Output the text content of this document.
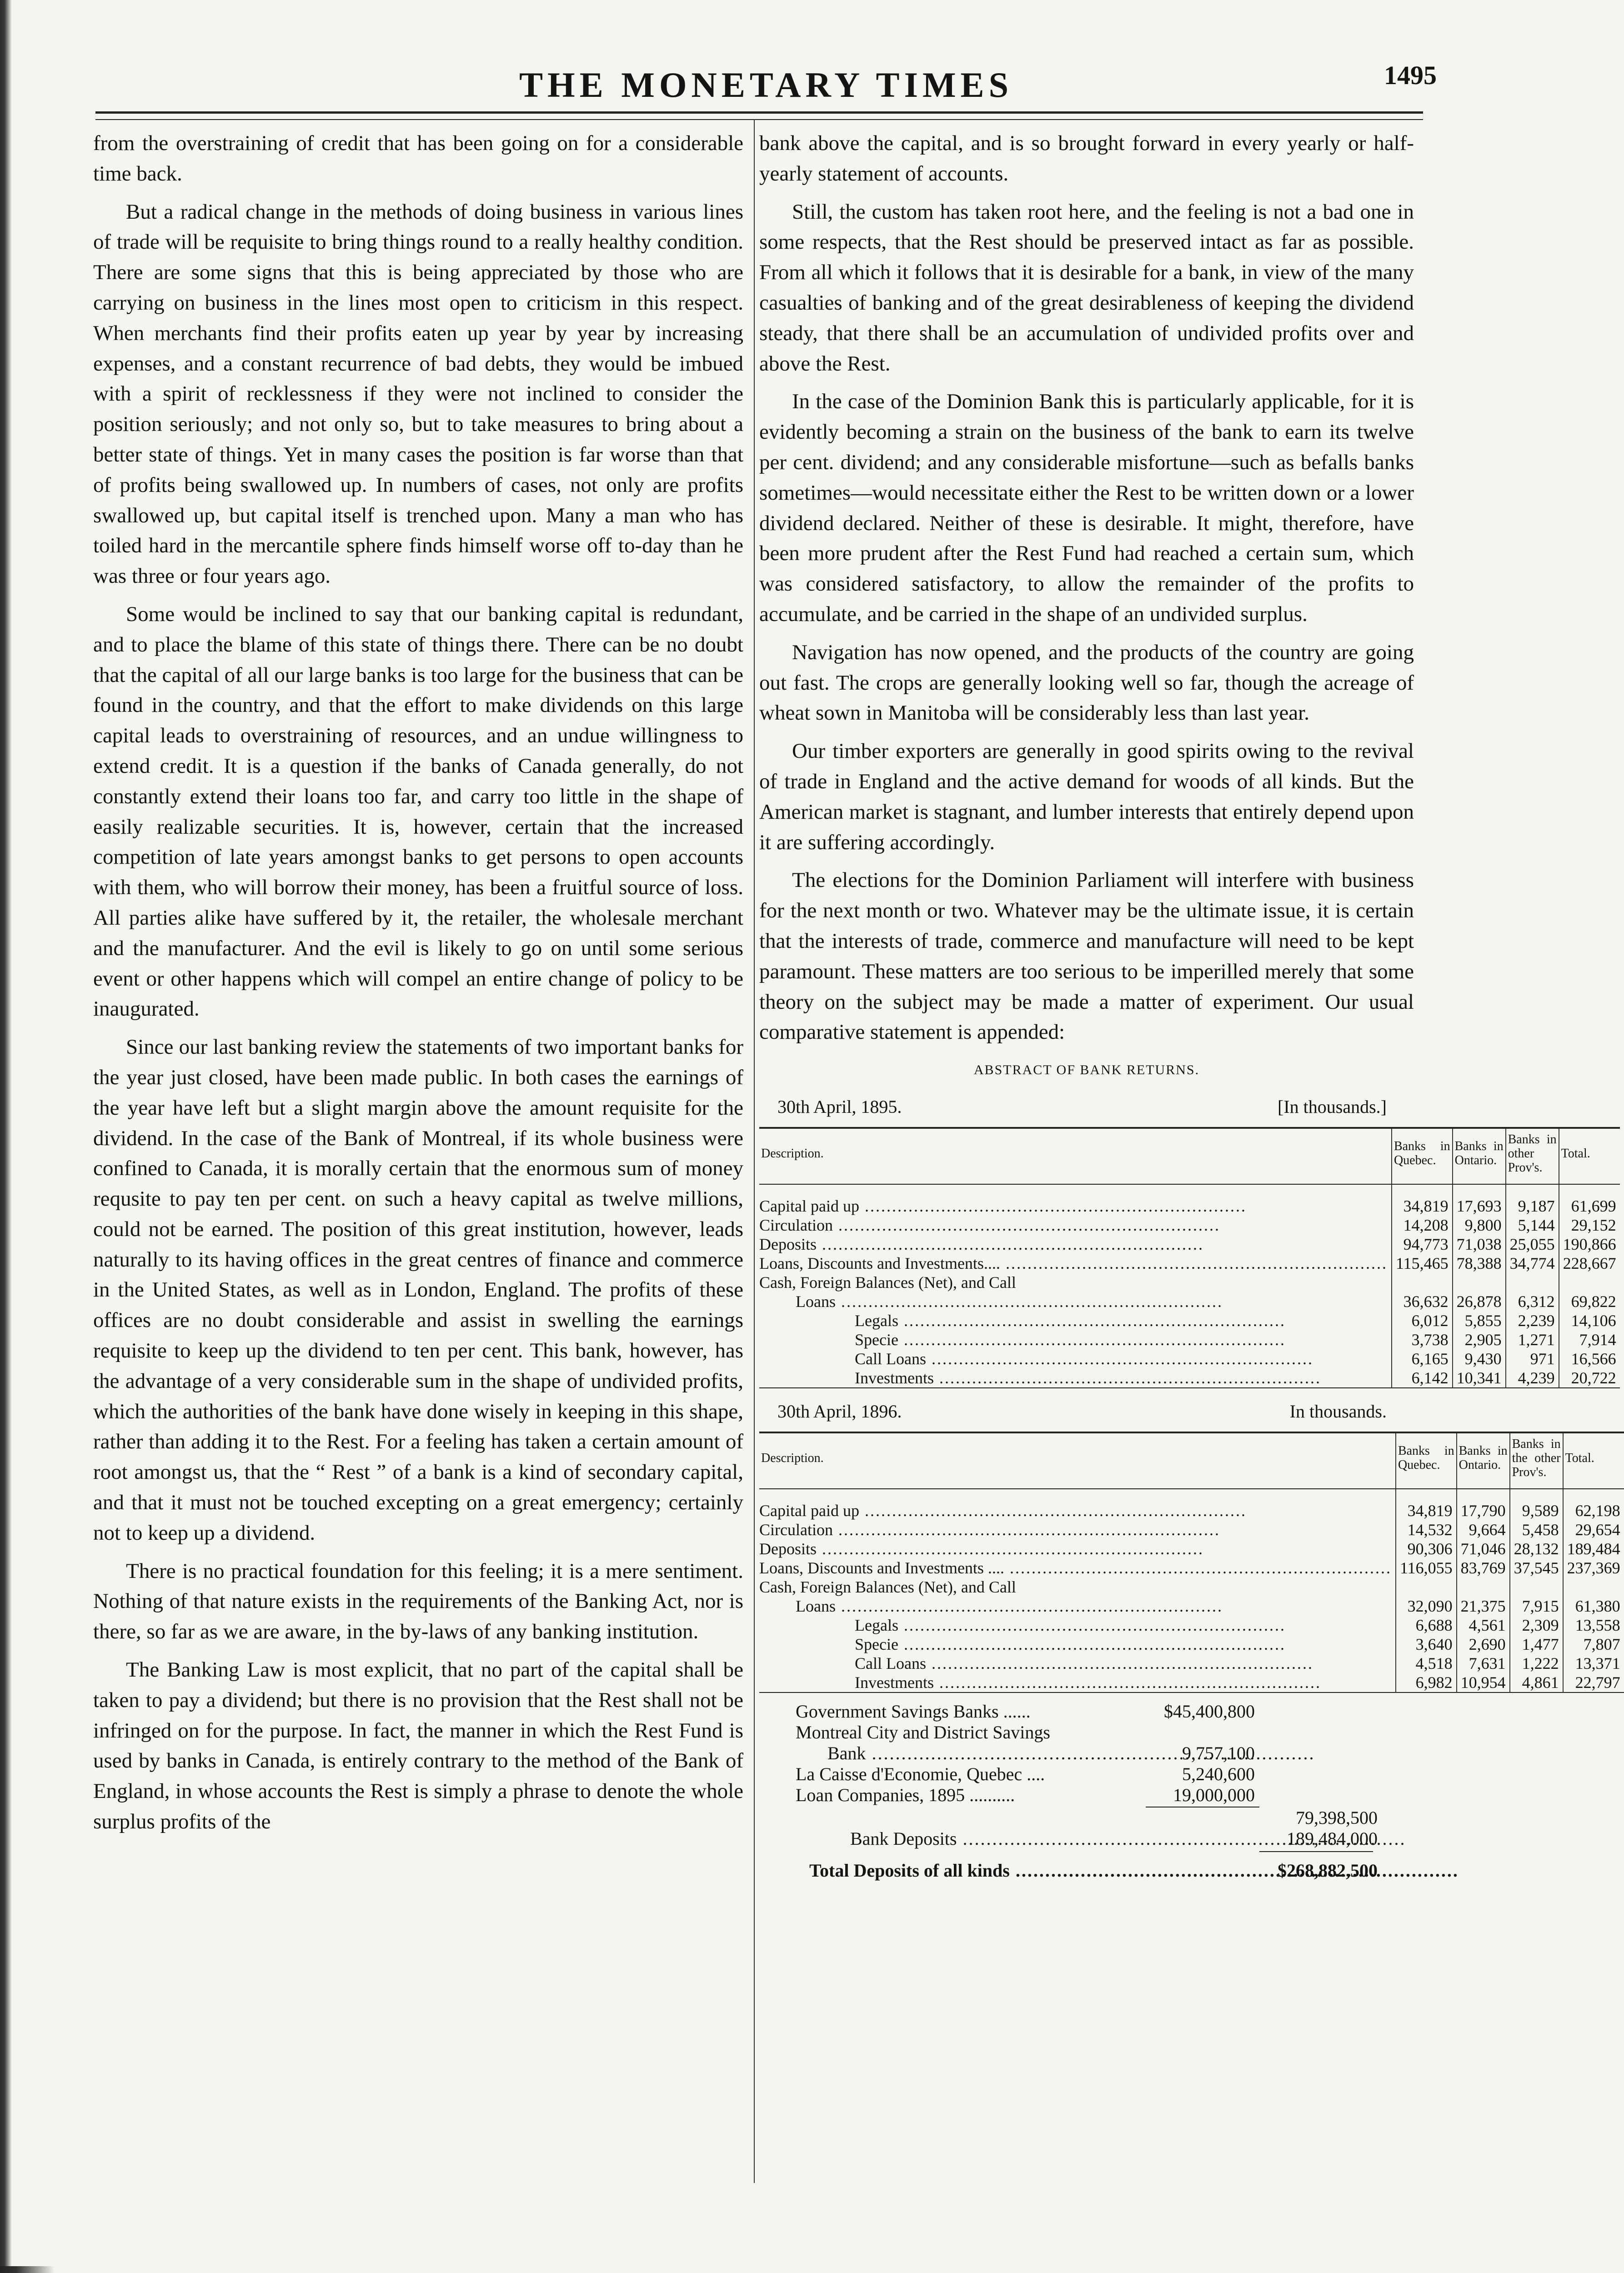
THE MONETARY TIMES	1495

from the overstraining of credit that has been going on for a considerable time back.

But a radical change in the methods of doing business in various lines of trade will be requisite to bring things round to a really healthy condition. There are some signs that this is being appreciated by those who are carrying on business in the lines most open to criticism in this respect. When merchants find their profits eaten up year by year by increasing expenses, and a constant recurrence of bad debts, they would be imbued with a spirit of recklessness if they were not inclined to consider the position seriously; and not only so, but to take measures to bring about a better state of things. Yet in many cases the position is far worse than that of profits being swallowed up. In numbers of cases, not only are profits swallowed up, but capital itself is trenched upon. Many a man who has toiled hard in the mercantile sphere finds himself worse off to-day than he was three or four years ago.

Some would be inclined to say that our banking capital is redundant, and to place the blame of this state of things there. There can be no doubt that the capital of all our large banks is too large for the business that can be found in the country, and that the effort to make dividends on this large capital leads to overstraining of resources, and an undue willingness to extend credit. It is a question if the banks of Canada generally, do not constantly extend their loans too far, and carry too little in the shape of easily realizable securities. It is, however, certain that the increased competition of late years amongst banks to get persons to open accounts with them, who will borrow their money, has been a fruitful source of loss. All parties alike have suffered by it, the retailer, the wholesale merchant and the manufacturer. And the evil is likely to go on until some serious event or other happens which will compel an entire change of policy to be inaugurated.

Since our last banking review the statements of two important banks for the year just closed, have been made public. In both cases the earnings of the year have left but a slight margin above the amount requisite for the dividend. In the case of the Bank of Montreal, if its whole business were confined to Canada, it is morally certain that the enormous sum of money requsite to pay ten per cent. on such a heavy capital as twelve millions, could not be earned. The position of this great institution, however, leads naturally to its having offices in the great centres of finance and commerce in the United States, as well as in London, England. The profits of these offices are no doubt considerable and assist in swelling the earnings requisite to keep up the dividend to ten per cent. This bank, however, has the advantage of a very considerable sum in the shape of undivided profits, which the authorities of the bank have done wisely in keeping in this shape, rather than adding it to the Rest. For a feeling has taken a certain amount of root amongst us, that the “ Rest ” of a bank is a kind of secondary capital, and that it must not be touched excepting on a great emergency; certainly not to keep up a dividend.

There is no practical foundation for this feeling; it is a mere sentiment. Nothing of that nature exists in the requirements of the Banking Act, nor is there, so far as we are aware, in the by-laws of any banking institution.

The Banking Law is most explicit, that no part of the capital shall be taken to pay a dividend; but there is no provision that the Rest shall not be infringed on for the purpose. In fact, the manner in which the Rest Fund is used by banks in Canada, is entirely contrary to the method of the Bank of England, in whose accounts the Rest is simply a phrase to denote the whole surplus profits of the

bank above the capital, and is so brought forward in every yearly or half-yearly statement of accounts.

Still, the custom has taken root here, and the feeling is not a bad one in some respects, that the Rest should be preserved intact as far as possible. From all which it follows that it is desirable for a bank, in view of the many casualties of banking and of the great desirableness of keeping the dividend steady, that there shall be an accumulation of undivided profits over and above the Rest.

In the case of the Dominion Bank this is particularly applicable, for it is evidently becoming a strain on the business of the bank to earn its twelve per cent. dividend; and any considerable misfortune—such as befalls banks sometimes—would necessitate either the Rest to be written down or a lower dividend declared. Neither of these is desirable. It might, therefore, have been more prudent after the Rest Fund had reached a certain sum, which was considered satisfactory, to allow the remainder of the profits to accumulate, and be carried in the shape of an undivided surplus.

Navigation has now opened, and the products of the country are going out fast. The crops are generally looking well so far, though the acreage of wheat sown in Manitoba will be considerably less than last year.

Our timber exporters are generally in good spirits owing to the revival of trade in England and the active demand for woods of all kinds. But the American market is stagnant, and lumber interests that entirely depend upon it are suffering accordingly.

The elections for the Dominion Parliament will interfere with business for the next month or two. Whatever may be the ultimate issue, it is certain that the interests of trade, commerce and manufacture will need to be kept paramount. These matters are too serious to be imperilled merely that some theory on the subject may be made a matter of experiment. Our usual comparative statement is appended:

ABSTRACT OF BANK RETURNS.
30th April, 1895.	[In thousands.]
Description.	Banks in Quebec.	Banks in Ontario.	Banks in other Prov's.	Total.

Capital paid up .....	34,819	17,693	9,187	61,699

Circulation .....	14,208	9,800	5,144	29,152

Deposits .....	94,773	71,038	25,055	190,866

Loans, Discounts and Investments.... .....	115,465	78,388	34,774	228,667

Cash, Foreign Balances (Net), and Call				

Loans .....	36,632	26,878	6,312	69,822

Legals .....	6,012	5,855	2,239	14,106

Specie .....	3,738	2,905	1,271	7,914

Call Loans .....	6,165	9,430	971	16,566

Investments .....	6,142	10,341	4,239	20,722
30th April, 1896.	In thousands.
Description.	Banks in Quebec.	Banks in Ontario.	Banks in the other Prov's.	Total.

Capital paid up .....	34,819	17,790	9,589	62,198

Circulation .....	14,532	9,664	5,458	29,654

Deposits .....	90,306	71,046	28,132	189,484

Loans, Discounts and Investments .... .....	116,055	83,769	37,545	237,369

Cash, Foreign Balances (Net), and Call				

Loans .....	32,090	21,375	7,915	61,380

Legals .....	6,688	4,561	2,309	13,558

Specie .....	3,640	2,690	1,477	7,807

Call Loans .....	4,518	7,631	1,222	13,371

Investments .....	6,982	10,954	4,861	22,797
Government Savings Banks ......	$45,400,800
Montreal City and District Savings
Bank .....	9,757,100
La Caisse d'Economie, Quebec ....	5,240,600
Loan Companies, 1895 ..........	19,000,000
79,398,500
Bank Deposits .....	189,484,000
Total Deposits of all kinds .....	$268,882,500
